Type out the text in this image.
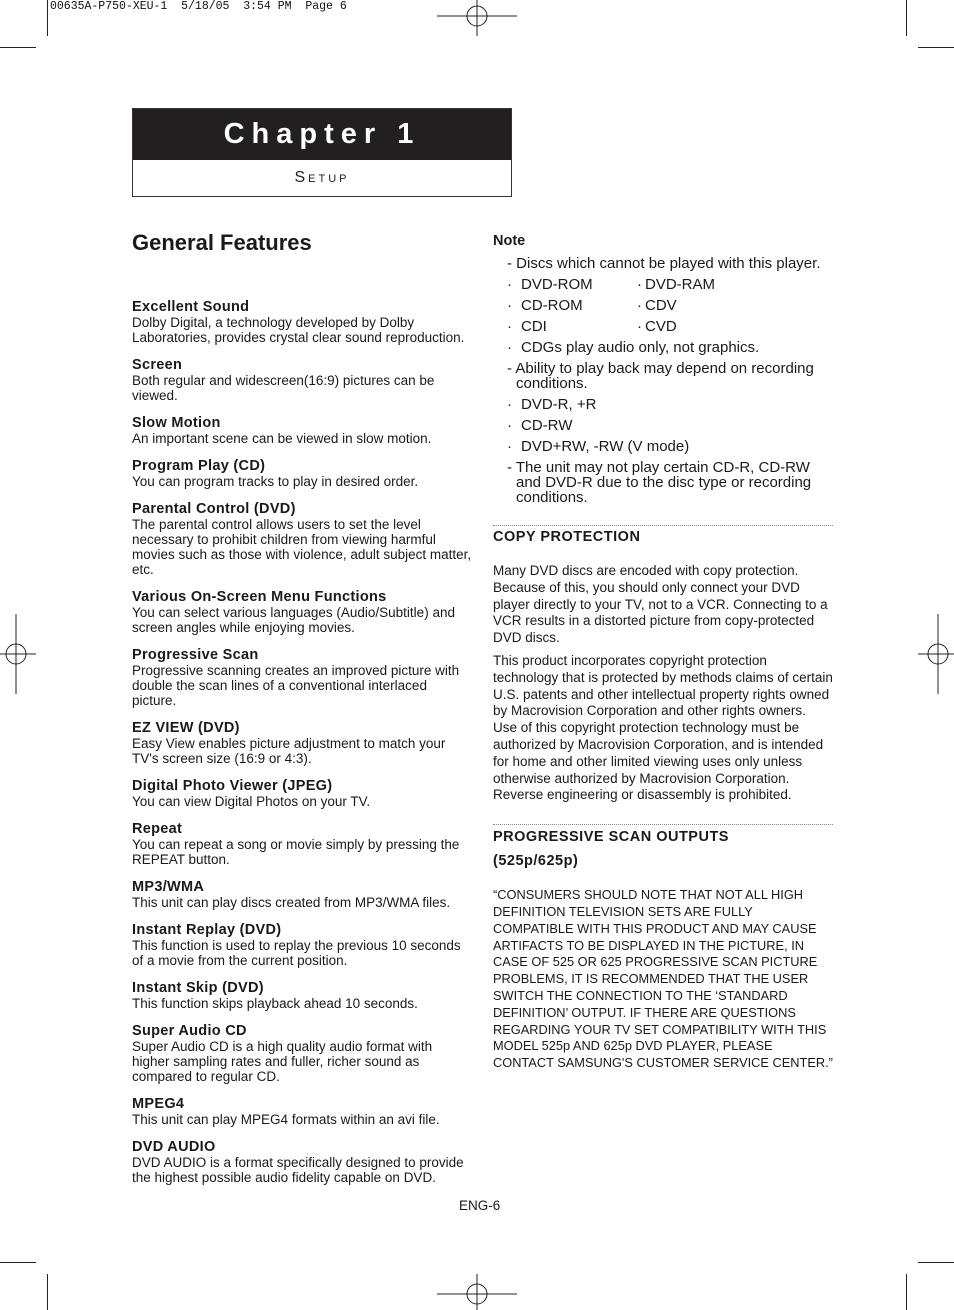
00635A-P750-XEU-1  5/18/05  3:54 PM  Page 6
Chapter 1
Setup
General Features
Excellent Sound
Dolby Digital, a technology developed by Dolby Laboratories, provides crystal clear sound reproduction.
Screen
Both regular and widescreen(16:9) pictures can be viewed.
Slow Motion
An important scene can be viewed in slow motion.
Program Play (CD)
You can program tracks to play in desired order.
Parental Control (DVD)
The parental control allows users to set the level necessary to prohibit children from viewing harmful movies such as those with violence, adult subject matter, etc.
Various On-Screen Menu Functions
You can select various languages (Audio/Subtitle) and screen angles while enjoying movies.
Progressive Scan
Progressive scanning creates an improved picture with double the scan lines of a conventional interlaced picture.
EZ VIEW (DVD)
Easy View enables picture adjustment to match your TV's screen size (16:9 or 4:3).
Digital Photo Viewer (JPEG)
You can view Digital Photos on your TV.
Repeat
You can repeat a song or movie simply by pressing the REPEAT button.
MP3/WMA
This unit can play discs created from MP3/WMA files.
Instant Replay (DVD)
This function is used to replay the previous 10 seconds of a movie from the current position.
Instant Skip (DVD)
This function skips playback ahead 10 seconds.
Super Audio CD
Super Audio CD is a high quality audio format with higher sampling rates and fuller, richer sound as compared to regular CD.
MPEG4
This unit can play MPEG4 formats within an avi file.
DVD AUDIO
DVD AUDIO is a format specifically designed to provide the highest possible audio fidelity capable on DVD.
Note
- Discs which cannot be played with this player.
· DVD-ROM	· DVD-RAM
· CD-ROM	· CDV
· CDI	· CVD
· CDGs play audio only, not graphics.
- Ability to play back may depend on recording conditions.
· DVD-R, +R
· CD-RW
· DVD+RW, -RW (V mode)
- The unit may not play certain CD-R, CD-RW and DVD-R due to the disc type or recording conditions.
COPY PROTECTION
Many DVD discs are encoded with copy protection. Because of this, you should only connect your DVD player directly to your TV, not to a VCR. Connecting to a VCR results in a distorted picture from copy-protected DVD discs.
This product incorporates copyright protection technology that is protected by methods claims of certain U.S. patents and other intellectual property rights owned by Macrovision Corporation and other rights owners. Use of this copyright protection technology must be authorized by Macrovision Corporation, and is intended for home and other limited viewing uses only unless otherwise authorized by Macrovision Corporation. Reverse engineering or disassembly is prohibited.
PROGRESSIVE SCAN OUTPUTS
(525p/625p)
“CONSUMERS SHOULD NOTE THAT NOT ALL HIGH DEFINITION TELEVISION SETS ARE FULLY COMPATIBLE WITH THIS PRODUCT AND MAY CAUSE ARTIFACTS TO BE DISPLAYED IN THE PICTURE, IN CASE OF 525 OR 625 PROGRESSIVE SCAN PICTURE PROBLEMS, IT IS RECOMMENDED THAT THE USER SWITCH THE CONNECTION TO THE ‘STANDARD DEFINITION’ OUTPUT. IF THERE ARE QUESTIONS REGARDING YOUR TV SET COMPATIBILITY WITH THIS MODEL 525p AND 625p DVD PLAYER, PLEASE CONTACT SAMSUNG'S CUSTOMER SERVICE CENTER.”
ENG-6
